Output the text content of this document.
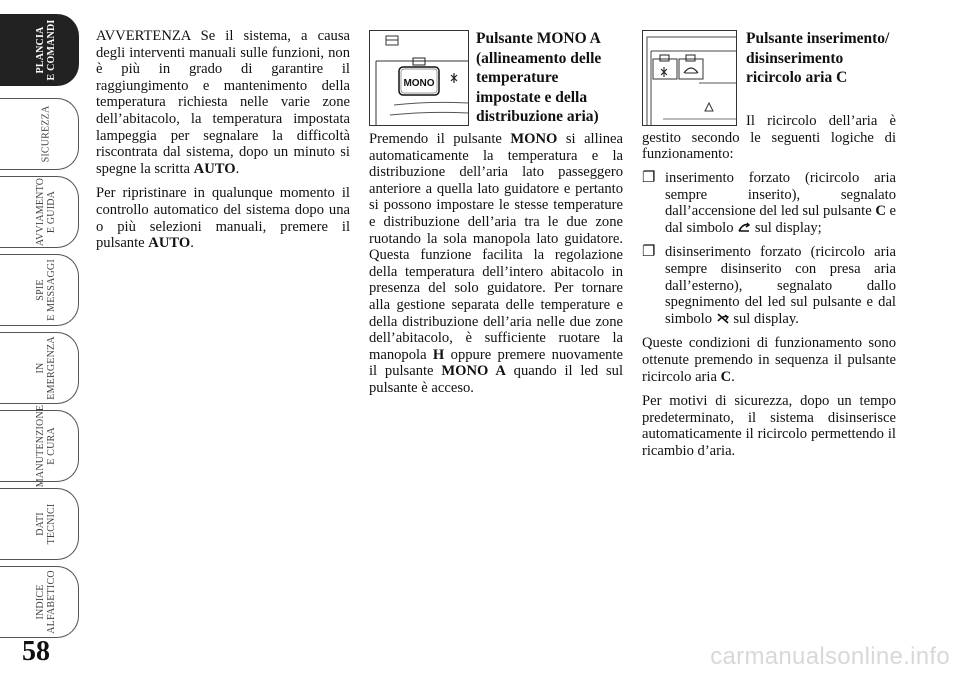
PLANCIA
E COMANDI
SICUREZZA
AVVIAMENTO
E GUIDA
SPIE
E MESSAGGI
IN
EMERGENZA
MANUTENZIONE
E CURA
DATI
TECNICI
INDICE
ALFABETICO
58

AVVERTENZA Se il sistema, a causa degli interventi manuali sulle funzioni, non è più in grado di garantire il raggiungimento e mantenimento della temperatura richiesta nelle varie zone dell’abitacolo, la temperatura impostata lampeggia per segnalare la difficoltà riscontrata dal sistema, dopo un minuto si spegne la scritta AUTO.

Per ripristinare in qualunque momento il controllo automatico del sistema dopo una o più selezioni manuali, premere il pulsante AUTO.

MONO
Pulsante MONO A (allineamento delle temperature impostate e della distribuzione aria)

Premendo il pulsante MONO si allinea automaticamente la temperatura e la distribuzione dell’aria lato passeggero anteriore a quella lato guidatore e pertanto si possono impostare le stesse temperature e distribuzione dell’aria tra le due zone ruotando la sola manopola lato guidatore. Questa funzione facilita la regolazione della temperatura dell’intero abitacolo in presenza del solo guidatore. Per tornare alla gestione separata delle temperature e della distribuzione dell’aria nelle due zone dell’abitacolo, è sufficiente ruotare la manopola H oppure premere nuovamente il pulsante MONO A quando il led sul pulsante è acceso.

Pulsante inserimento/ disinserimento ricircolo aria C

Il ricircolo dell’aria è gestito secondo le seguenti logiche di funzionamento:

❐ inserimento forzato (ricircolo aria sempre inserito), segnalato dall’accensione del led sul pulsante C e dal simbolo  sul display;
❐ disinserimento forzato (ricircolo aria sempre disinserito con presa aria dall’esterno), segnalato dallo spegnimento del led sul pulsante e dal simbolo  sul display.

Queste condizioni di funzionamento sono ottenute premendo in sequenza il pulsante ricircolo aria C.

Per motivi di sicurezza, dopo un tempo predeterminato, il sistema disinserisce automaticamente il ricircolo permettendo il ricambio d’aria.

carmanualsonline.info
